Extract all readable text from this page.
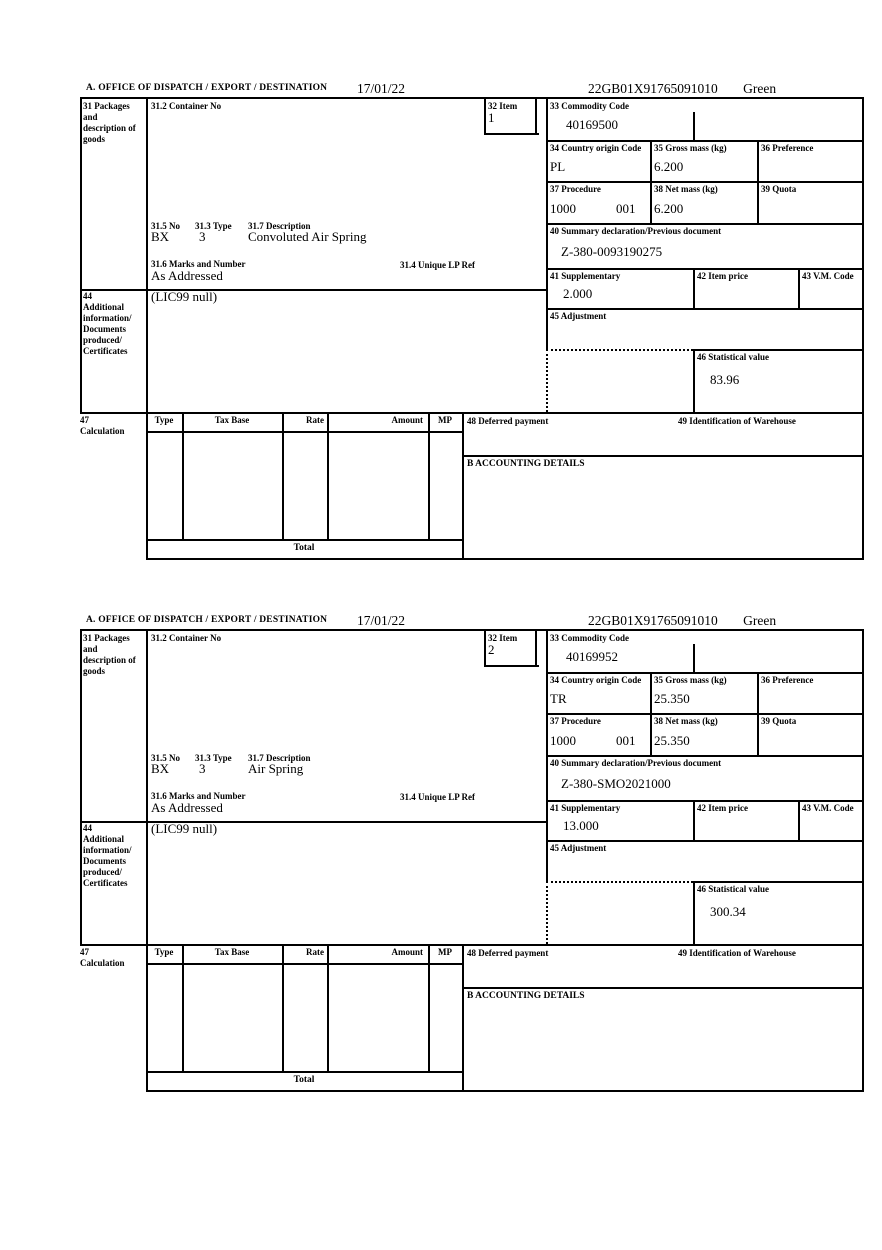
A. OFFICE OF DISPATCH / EXPORT / DESTINATION 17/01/22	22GB01X91765091010 Green
31 Packages and description of goods
31.2 Container No	32 Item
1
31.5 No
BX
31.3 Type
3
31.7 Description
Convoluted Air Spring
31.6 Marks and Number
As Addressed
31.4 Unique LP Ref
33 Commodity Code
40169500
34 Country origin Code
PL
35 Gross mass (kg)
6.200
36 Preference
37 Procedure
1000	001
38 Net mass (kg)
6.200
39 Quota
40 Summary declaration/Previous document
Z-380-0093190275
41 Supplementary
2.000
42 Item price	43 V.M. Code
45 Adjustment
46 Statistical value
83.96
44
Additional information/ Documents produced/ Certificates
(LIC99 null)
47
Calculation
Type	Tax Base	Rate	Amount	MP
Total
48 Deferred payment	49 Identification of Warehouse
B ACCOUNTING DETAILS
A. OFFICE OF DISPATCH / EXPORT / DESTINATION 17/01/22	22GB01X91765091010 Green
31 Packages and description of goods
31.2 Container No	32 Item
2
31.5 No
BX
31.3 Type
3
31.7 Description
Air Spring
31.6 Marks and Number
As Addressed
31.4 Unique LP Ref
33 Commodity Code
40169952
34 Country origin Code
TR
35 Gross mass (kg)
25.350
36 Preference
37 Procedure
1000	001
38 Net mass (kg)
25.350
39 Quota
40 Summary declaration/Previous document
Z-380-SMO2021000
41 Supplementary
13.000
42 Item price	43 V.M. Code
45 Adjustment
46 Statistical value
300.34
44
Additional information/ Documents produced/ Certificates
(LIC99 null)
47
Calculation
Type	Tax Base	Rate	Amount	MP
Total
48 Deferred payment	49 Identification of Warehouse
B ACCOUNTING DETAILS
